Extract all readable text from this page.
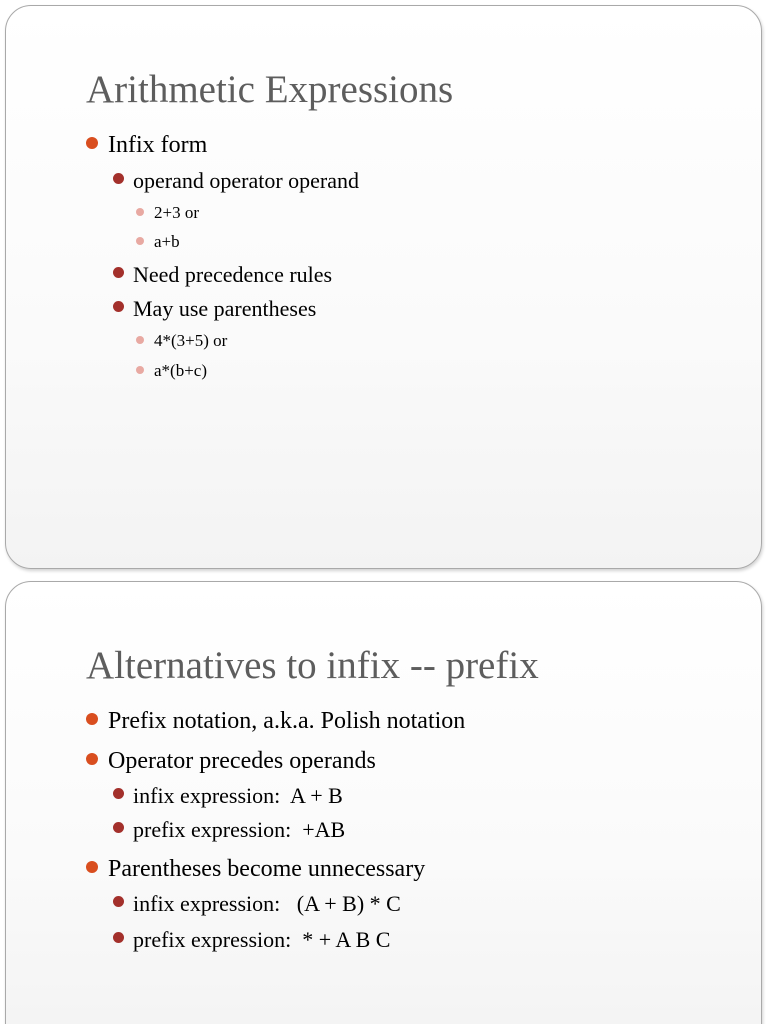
Arithmetic Expressions
Infix form
operand operator operand
2+3 or
a+b
Need precedence rules
May use parentheses
4*(3+5) or
a*(b+c)
Alternatives to infix -- prefix
Prefix notation, a.k.a. Polish notation
Operator precedes operands
infix expression:  A + B
prefix expression:  +AB
Parentheses become unnecessary
infix expression:   (A + B) * C
prefix expression:  * + A B C
